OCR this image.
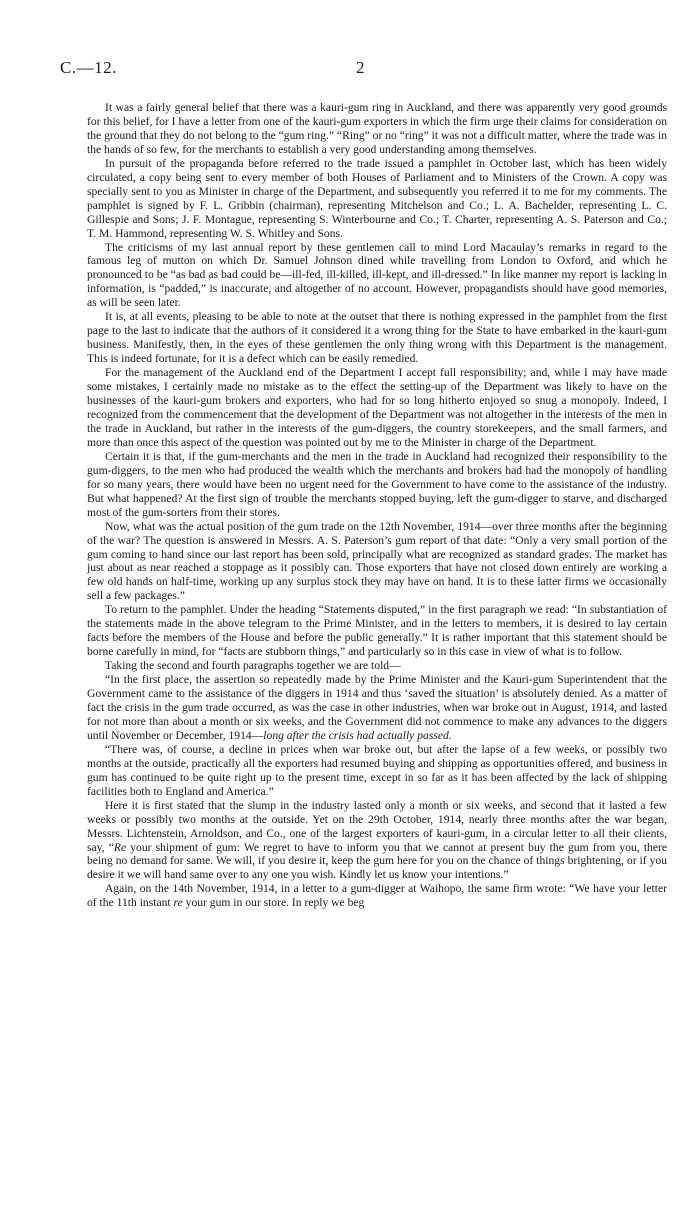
C.—12.	2

It was a fairly general belief that there was a kauri-gum ring in Auckland, and there was apparently very good grounds for this belief, for I have a letter from one of the kauri-gum exporters in which the firm urge their claims for consideration on the ground that they do not belong to the “gum ring.” “Ring” or no “ring” it was not a difficult matter, where the trade was in the hands of so few, for the merchants to establish a very good understanding among themselves.

In pursuit of the propaganda before referred to the trade issued a pamphlet in October last, which has been widely circulated, a copy being sent to every member of both Houses of Parliament and to Ministers of the Crown. A copy was specially sent to you as Minister in charge of the Department, and subsequently you referred it to me for my comments. The pamphlet is signed by F. L. Gribbin (chairman), representing Mitchelson and Co.; L. A. Bachelder, representing L. C. Gillespie and Sons; J. F. Montague, representing S. Winterbourne and Co.; T. Charter, representing A. S. Paterson and Co.; T. M. Hammond, representing W. S. Whitley and Sons.

The criticisms of my last annual report by these gentlemen call to mind Lord Macaulay’s remarks in regard to the famous leg of mutton on which Dr. Samuel Johnson dined while travelling from London to Oxford, and which he pronounced to be “as bad as bad could be—ill-fed, ill-killed, ill-kept, and ill-dressed.” In like manner my report is lacking in information, is “padded,” is inaccurate, and altogether of no account. However, propagandists should have good memories, as will be seen later.

It is, at all events, pleasing to be able to note at the outset that there is nothing expressed in the pamphlet from the first page to the last to indicate that the authors of it considered it a wrong thing for the State to have embarked in the kauri-gum business. Manifestly, then, in the eyes of these gentlemen the only thing wrong with this Department is the management. This is indeed fortunate, for it is a defect which can be easily remedied.

For the management of the Auckland end of the Department I accept full responsibility; and, while I may have made some mistakes, I certainly made no mistake as to the effect the setting-up of the Department was likely to have on the businesses of the kauri-gum brokers and exporters, who had for so long hitherto enjoyed so snug a monopoly. Indeed, I recognized from the commencement that the development of the Department was not altogether in the interests of the men in the trade in Auckland, but rather in the interests of the gum-diggers, the country storekeepers, and the small farmers, and more than once this aspect of the question was pointed out by me to the Minister in charge of the Department.

Certain it is that, if the gum-merchants and the men in the trade in Auckland had recognized their responsibility to the gum-diggers, to the men who had produced the wealth which the merchants and brokers had had the monopoly of handling for so many years, there would have been no urgent need for the Government to have come to the assistance of the industry. But what happened? At the first sign of trouble the merchants stopped buying, left the gum-digger to starve, and discharged most of the gum-sorters from their stores.

Now, what was the actual position of the gum trade on the 12th November, 1914—over three months after the beginning of the war? The question is answered in Messrs. A. S. Paterson’s gum report of that date: “Only a very small portion of the gum coming to hand since our last report has been sold, principally what are recognized as standard grades. The market has just about as near reached a stoppage as it possibly can. Those exporters that have not closed down entirely are working a few old hands on half-time, working up any surplus stock they may have on hand. It is to these latter firms we occasionally sell a few packages.”

To return to the pamphlet. Under the heading “Statements disputed,” in the first paragraph we read: “In substantiation of the statements made in the above telegram to the Prime Minister, and in the letters to members, it is desired to lay certain facts before the members of the House and before the public generally.” It is rather important that this statement should be borne carefully in mind, for “facts are stubborn things,” and particularly so in this case in view of what is to follow.

Taking the second and fourth paragraphs together we are told—

“In the first place, the assertion so repeatedly made by the Prime Minister and the Kauri-gum Superintendent that the Government came to the assistance of the diggers in 1914 and thus ‘saved the situation’ is absolutely denied. As a matter of fact the crisis in the gum trade occurred, as was the case in other industries, when war broke out in August, 1914, and lasted for not more than about a month or six weeks, and the Government did not commence to make any advances to the diggers until November or December, 1914—long after the crisis had actually passed.

“There was, of course, a decline in prices when war broke out, but after the lapse of a few weeks, or possibly two months at the outside, practically all the exporters had resumed buying and shipping as opportunities offered, and business in gum has continued to be quite right up to the present time, except in so far as it has been affected by the lack of shipping facilities both to England and America.”

Here it is first stated that the slump in the industry lasted only a month or six weeks, and second that it lasted a few weeks or possibly two months at the outside. Yet on the 29th October, 1914, nearly three months after the war began, Messrs. Lichtenstein, Arnoldson, and Co., one of the largest exporters of kauri-gum, in a circular letter to all their clients, say, “Re your shipment of gum: We regret to have to inform you that we cannot at present buy the gum from you, there being no demand for same. We will, if you desire it, keep the gum here for you on the chance of things brightening, or if you desire it we will hand same over to any one you wish. Kindly let us know your intentions.”

Again, on the 14th November, 1914, in a letter to a gum-digger at Waihopo, the same firm wrote: “We have your letter of the 11th instant re your gum in our store. In reply we beg
